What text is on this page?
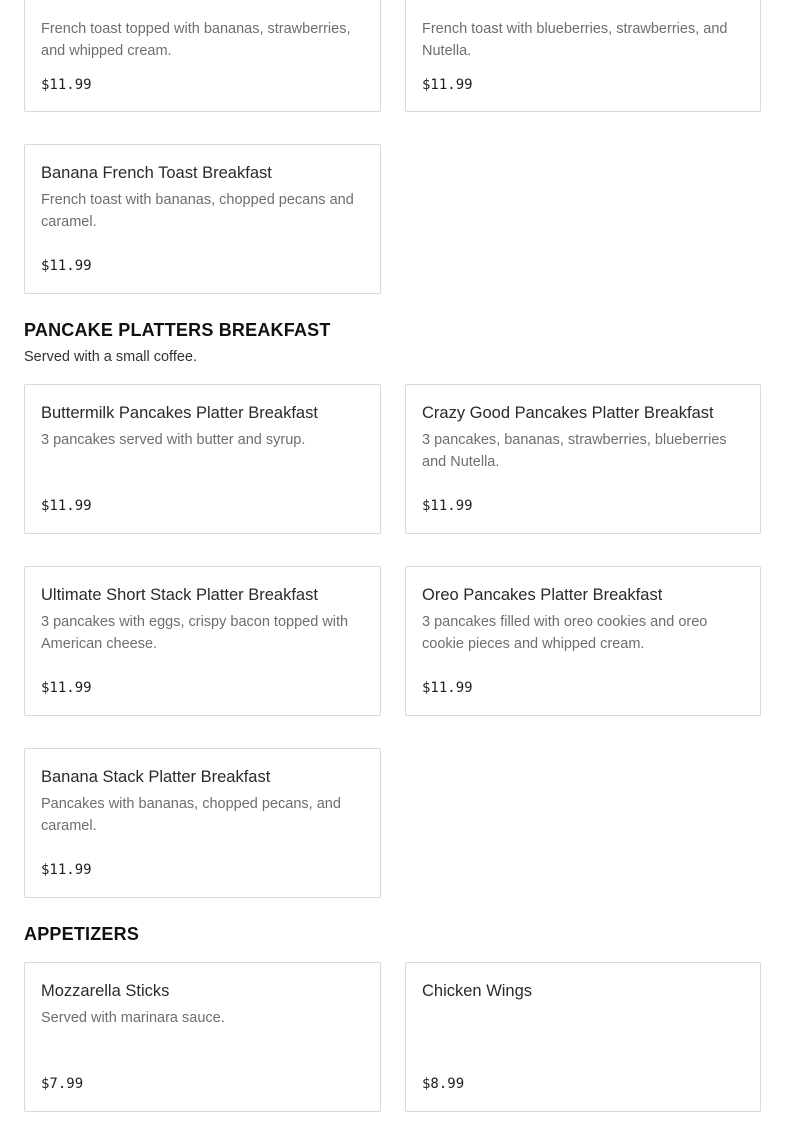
French toast topped with bananas, strawberries, and whipped cream.
$11.99
French toast with blueberries, strawberries, and Nutella.
$11.99
Banana French Toast Breakfast
French toast with bananas, chopped pecans and caramel.
$11.99
PANCAKE PLATTERS BREAKFAST
Served with a small coffee.
Buttermilk Pancakes Platter Breakfast
3 pancakes served with butter and syrup.
$11.99
Crazy Good Pancakes Platter Breakfast
3 pancakes, bananas, strawberries, blueberries and Nutella.
$11.99
Ultimate Short Stack Platter Breakfast
3 pancakes with eggs, crispy bacon topped with American cheese.
$11.99
Oreo Pancakes Platter Breakfast
3 pancakes filled with oreo cookies and oreo cookie pieces and whipped cream.
$11.99
Banana Stack Platter Breakfast
Pancakes with bananas, chopped pecans, and caramel.
$11.99
APPETIZERS
Mozzarella Sticks
Served with marinara sauce.
$7.99
Chicken Wings
$8.99
